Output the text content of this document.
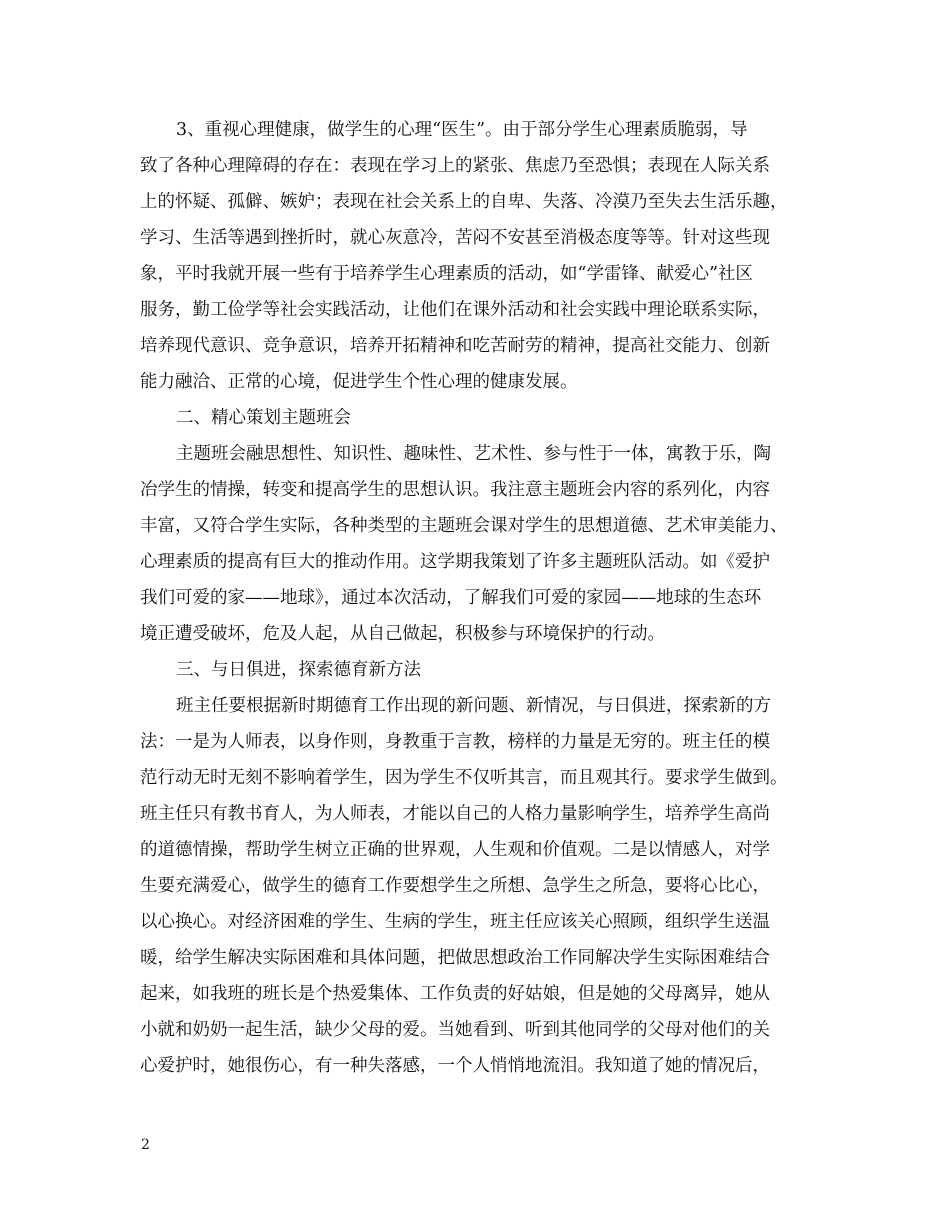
3、重视心理健康，做学生的心理“医生”。由于部分学生心理素质脆弱，导
致了各种心理障碍的存在：表现在学习上的紧张、焦虑乃至恐惧；表现在人际关系
上的怀疑、孤僻、嫉妒；表现在社会关系上的自卑、失落、冷漠乃至失去生活乐趣，
学习、生活等遇到挫折时，就心灰意冷，苦闷不安甚至消极态度等等。针对这些现
象，平时我就开展一些有于培养学生心理素质的活动，如“学雷锋、献爱心”社区
服务，勤工俭学等社会实践活动，让他们在课外活动和社会实践中理论联系实际，
培养现代意识、竞争意识，培养开拓精神和吃苦耐劳的精神，提高社交能力、创新
能力融洽、正常的心境，促进学生个性心理的健康发展。
二、精心策划主题班会
主题班会融思想性、知识性、趣味性、艺术性、参与性于一体，寓教于乐，陶
冶学生的情操，转变和提高学生的思想认识。我注意主题班会内容的系列化，内容
丰富，又符合学生实际，各种类型的主题班会课对学生的思想道德、艺术审美能力、
心理素质的提高有巨大的推动作用。这学期我策划了许多主题班队活动。如《爱护
我们可爱的家——地球》，通过本次活动，了解我们可爱的家园——地球的生态环
境正遭受破坏，危及人起，从自己做起，积极参与环境保护的行动。
三、与日俱进，探索德育新方法
班主任要根据新时期德育工作出现的新问题、新情况，与日俱进，探索新的方
法：一是为人师表，以身作则，身教重于言教，榜样的力量是无穷的。班主任的模
范行动无时无刻不影响着学生，因为学生不仅听其言，而且观其行。要求学生做到。
班主任只有教书育人，为人师表，才能以自己的人格力量影响学生，培养学生高尚
的道德情操，帮助学生树立正确的世界观，人生观和价值观。二是以情感人，对学
生要充满爱心，做学生的德育工作要想学生之所想、急学生之所急，要将心比心，
以心换心。对经济困难的学生、生病的学生，班主任应该关心照顾，组织学生送温
暖，给学生解决实际困难和具体问题，把做思想政治工作同解决学生实际困难结合
起来，如我班的班长是个热爱集体、工作负责的好姑娘，但是她的父母离异，她从
小就和奶奶一起生活，缺少父母的爱。当她看到、听到其他同学的父母对他们的关
心爱护时，她很伤心，有一种失落感，一个人悄悄地流泪。我知道了她的情况后，
2
